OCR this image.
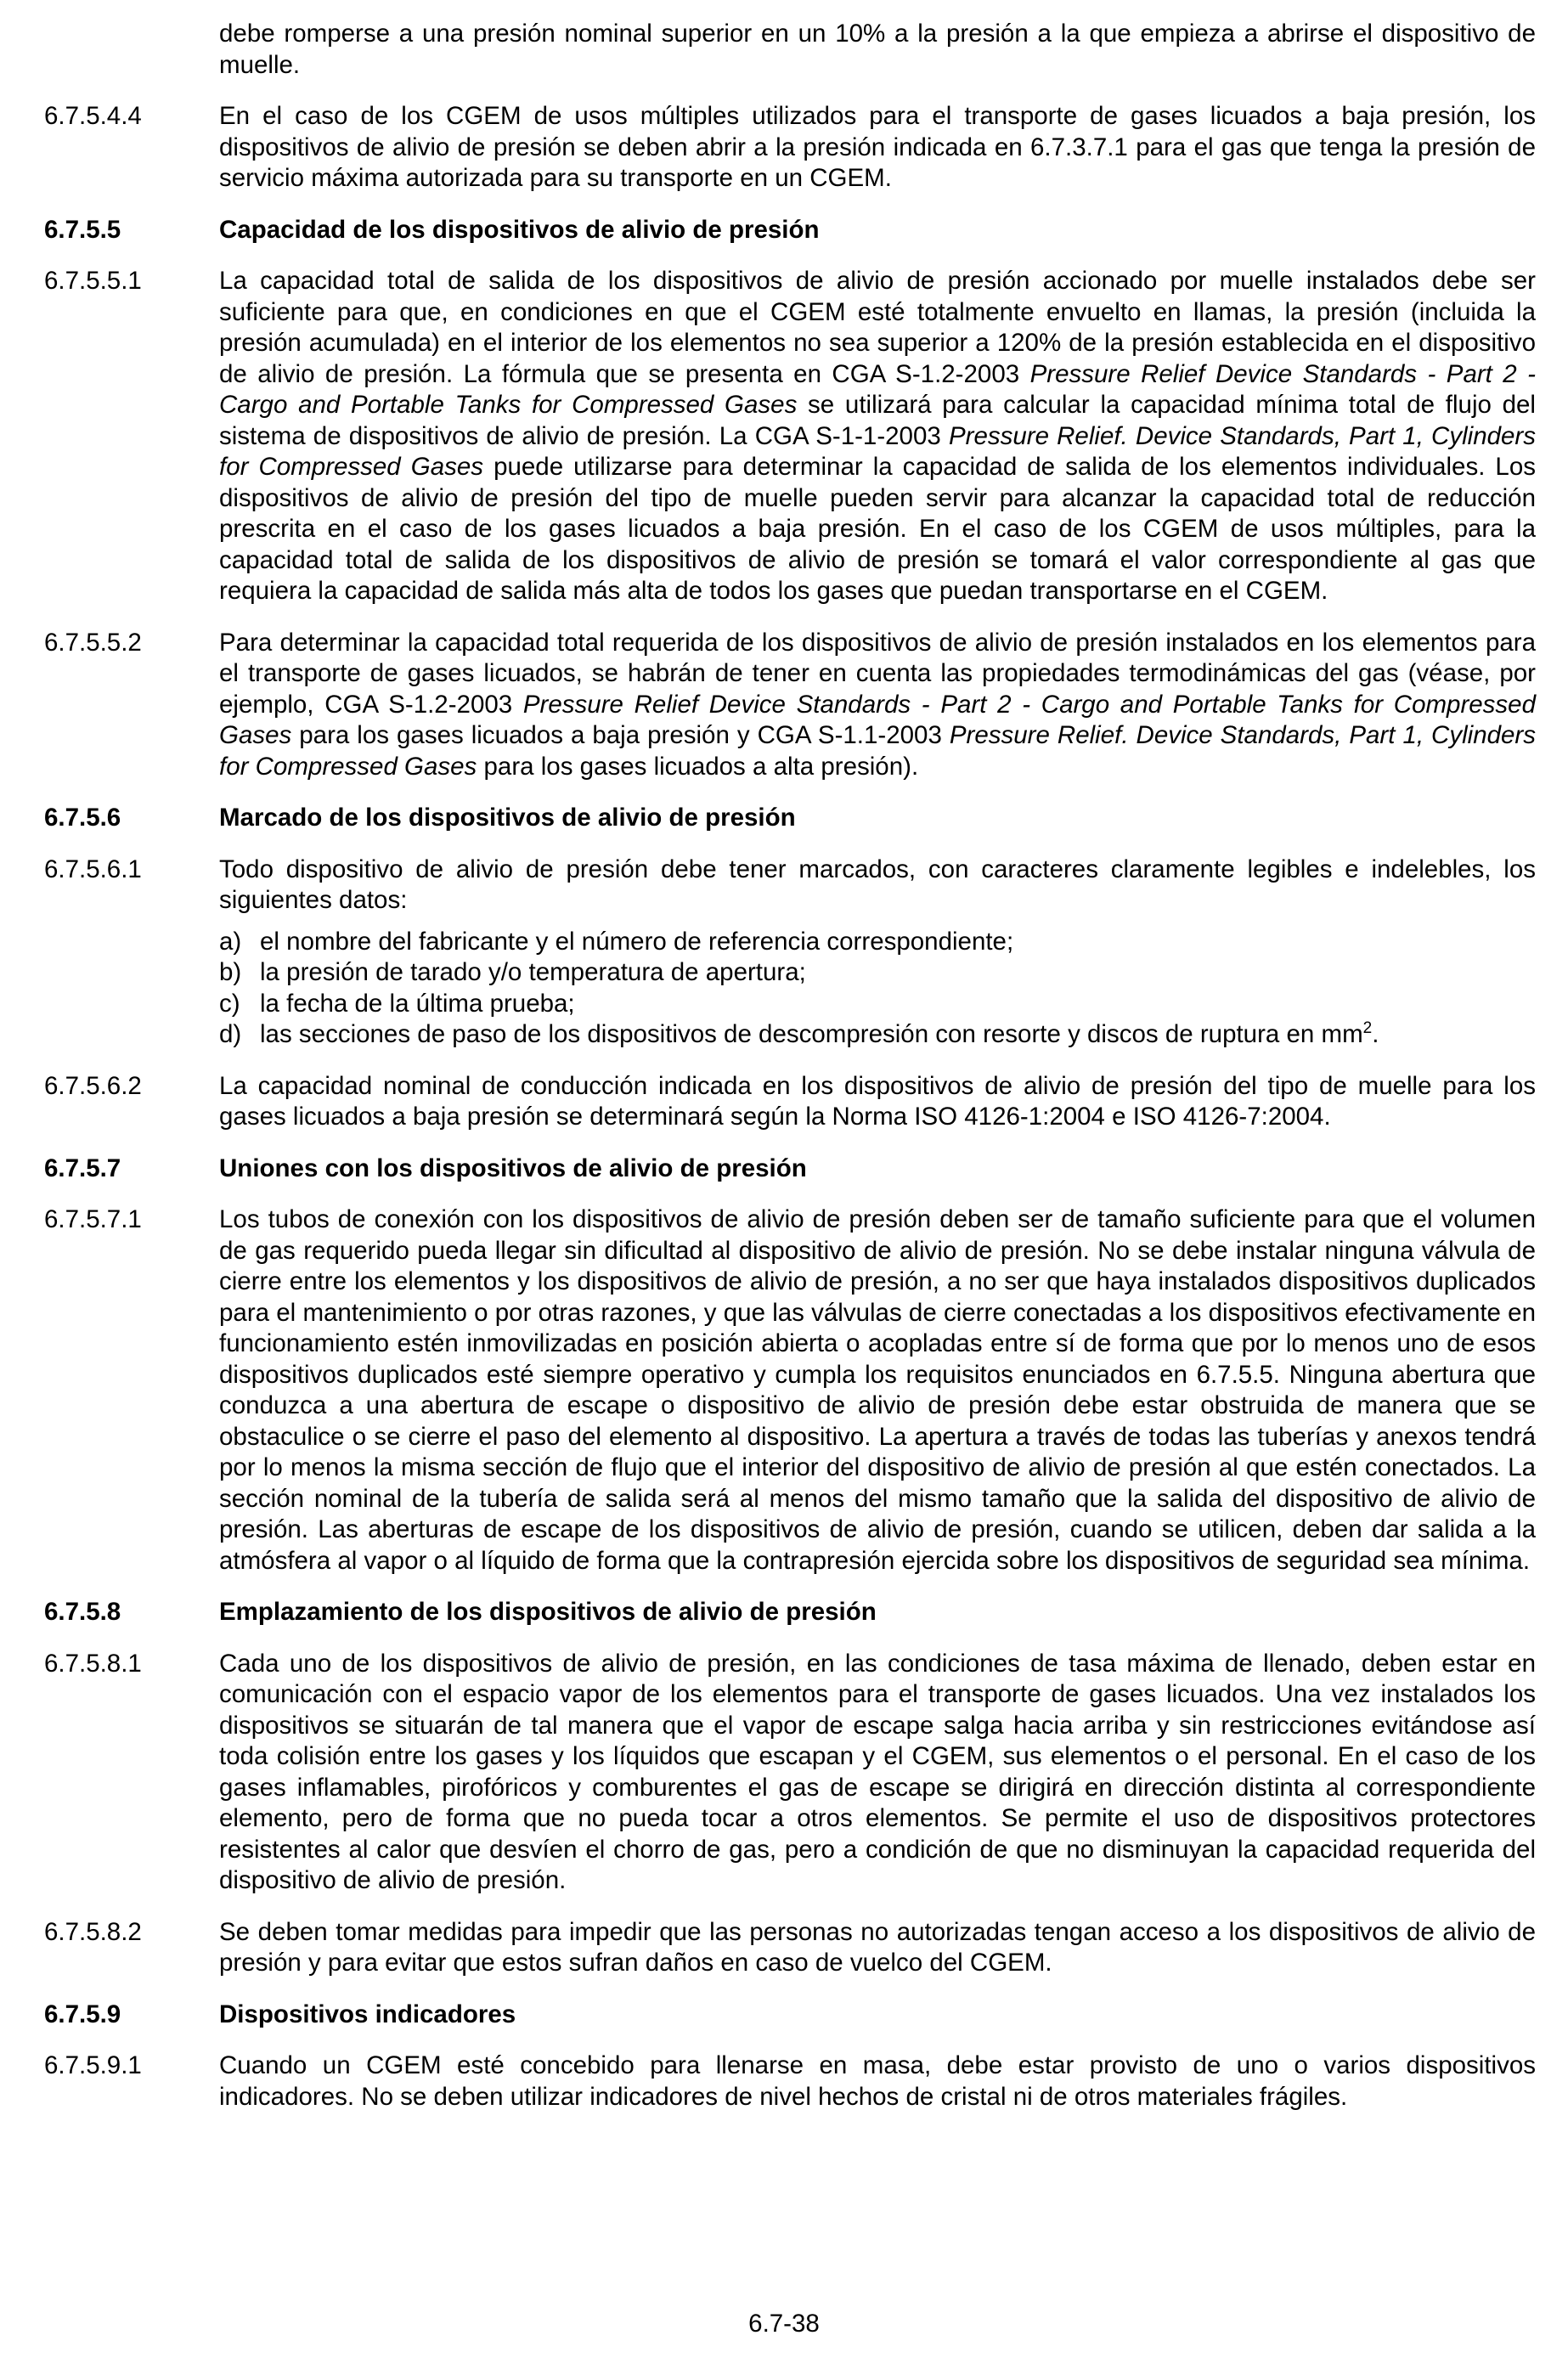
debe romperse a una presión nominal superior en un 10% a la presión a la que empieza a abrirse el dispositivo de muelle.
6.7.5.4.4	En el caso de los CGEM de usos múltiples utilizados para el transporte de gases licuados a baja presión, los dispositivos de alivio de presión se deben abrir a la presión indicada en 6.7.3.7.1 para el gas que tenga la presión de servicio máxima autorizada para su transporte en un CGEM.
6.7.5.5	Capacidad de los dispositivos de alivio de presión
6.7.5.5.1	La capacidad total de salida de los dispositivos de alivio de presión accionado por muelle instalados debe ser suficiente para que, en condiciones en que el CGEM esté totalmente envuelto en llamas, la presión (incluida la presión acumulada) en el interior de los elementos no sea superior a 120% de la presión establecida en el dispositivo de alivio de presión. La fórmula que se presenta en CGA S-1.2-2003 Pressure Relief Device Standards - Part 2 - Cargo and Portable Tanks for Compressed Gases se utilizará para calcular la capacidad mínima total de flujo del sistema de dispositivos de alivio de presión. La CGA S-1-1-2003 Pressure Relief. Device Standards, Part 1, Cylinders for Compressed Gases puede utilizarse para determinar la capacidad de salida de los elementos individuales. Los dispositivos de alivio de presión del tipo de muelle pueden servir para alcanzar la capacidad total de reducción prescrita en el caso de los gases licuados a baja presión. En el caso de los CGEM de usos múltiples, para la capacidad total de salida de los dispositivos de alivio de presión se tomará el valor correspondiente al gas que requiera la capacidad de salida más alta de todos los gases que puedan transportarse en el CGEM.
6.7.5.5.2	Para determinar la capacidad total requerida de los dispositivos de alivio de presión instalados en los elementos para el transporte de gases licuados, se habrán de tener en cuenta las propiedades termodinámicas del gas (véase, por ejemplo, CGA S-1.2-2003 Pressure Relief Device Standards - Part 2 - Cargo and Portable Tanks for Compressed Gases para los gases licuados a baja presión y CGA S-1.1-2003 Pressure Relief. Device Standards, Part 1, Cylinders for Compressed Gases para los gases licuados a alta presión).
6.7.5.6	Marcado de los dispositivos de alivio de presión
6.7.5.6.1	Todo dispositivo de alivio de presión debe tener marcados, con caracteres claramente legibles e indelebles, los siguientes datos:
a) el nombre del fabricante y el número de referencia correspondiente;
b) la presión de tarado y/o temperatura de apertura;
c) la fecha de la última prueba;
d) las secciones de paso de los dispositivos de descompresión con resorte y discos de ruptura en $mm^2$.
6.7.5.6.2	La capacidad nominal de conducción indicada en los dispositivos de alivio de presión del tipo de muelle para los gases licuados a baja presión se determinará según la Norma ISO 4126-1:2004 e ISO 4126-7:2004.
6.7.5.7	Uniones con los dispositivos de alivio de presión
6.7.5.7.1	Los tubos de conexión con los dispositivos de alivio de presión deben ser de tamaño suficiente para que el volumen de gas requerido pueda llegar sin dificultad al dispositivo de alivio de presión. No se debe instalar ninguna válvula de cierre entre los elementos y los dispositivos de alivio de presión, a no ser que haya instalados dispositivos duplicados para el mantenimiento o por otras razones, y que las válvulas de cierre conectadas a los dispositivos efectivamente en funcionamiento estén inmovilizadas en posición abierta o acopladas entre sí de forma que por lo menos uno de esos dispositivos duplicados esté siempre operativo y cumpla los requisitos enunciados en 6.7.5.5. Ninguna abertura que conduzca a una abertura de escape o dispositivo de alivio de presión debe estar obstruida de manera que se obstaculice o se cierre el paso del elemento al dispositivo. La apertura a través de todas las tuberías y anexos tendrá por lo menos la misma sección de flujo que el interior del dispositivo de alivio de presión al que estén conectados. La sección nominal de la tubería de salida será al menos del mismo tamaño que la salida del dispositivo de alivio de presión. Las aberturas de escape de los dispositivos de alivio de presión, cuando se utilicen, deben dar salida a la atmósfera al vapor o al líquido de forma que la contrapresión ejercida sobre los dispositivos de seguridad sea mínima.
6.7.5.8	Emplazamiento de los dispositivos de alivio de presión
6.7.5.8.1	Cada uno de los dispositivos de alivio de presión, en las condiciones de tasa máxima de llenado, deben estar en comunicación con el espacio vapor de los elementos para el transporte de gases licuados. Una vez instalados los dispositivos se situarán de tal manera que el vapor de escape salga hacia arriba y sin restricciones evitándose así toda colisión entre los gases y los líquidos que escapan y el CGEM, sus elementos o el personal. En el caso de los gases inflamables, pirofóricos y comburentes el gas de escape se dirigirá en dirección distinta al correspondiente elemento, pero de forma que no pueda tocar a otros elementos. Se permite el uso de dispositivos protectores resistentes al calor que desvíen el chorro de gas, pero a condición de que no disminuyan la capacidad requerida del dispositivo de alivio de presión.
6.7.5.8.2	Se deben tomar medidas para impedir que las personas no autorizadas tengan acceso a los dispositivos de alivio de presión y para evitar que estos sufran daños en caso de vuelco del CGEM.
6.7.5.9	Dispositivos indicadores
6.7.5.9.1	Cuando un CGEM esté concebido para llenarse en masa, debe estar provisto de uno o varios dispositivos indicadores. No se deben utilizar indicadores de nivel hechos de cristal ni de otros materiales frágiles.
6.7-38
